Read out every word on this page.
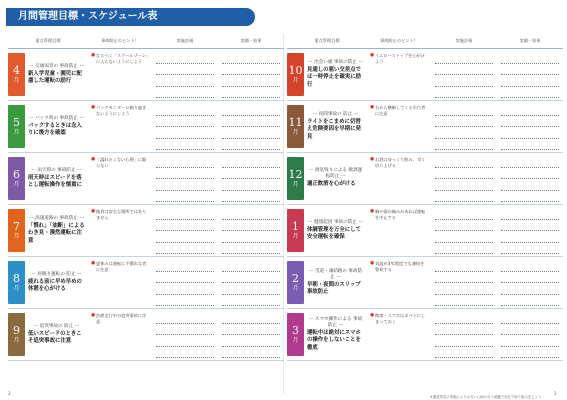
月間管理目標・スケジュール表
重点管理目標	事故防止のヒント！	実施計画	実績・結果
4
月
ー 交通弱者の 事故防止 ー
新入学児童・園児に配慮した運転の励行
● なるべく「スクールゾーン」に入らないようにしよう
5
月
ー バック時の 事故防止 ー
バックするときは念入りに後方を確認
● バックモニターに頼り過ぎないようにしよう
6
月
ー 雨天時の 事故防止 ー
雨天時はスピードを落とし運転操作を慎重に
● 「濡れたくない心理」に陥らない
7
月
ー 高速道路の 事故防止 ー
「慣れ」「油断」によるわき見・漫然運転に注意
● 路肩は安全な場所ではありません
8
月
ー 居眠り運転の 防止 ー
疲れる前に早め早めの休憩を心がける
● 夏休みは運転に不慣れな者に注意
9
月
ー 追突事故の 防止 ー
低いスピードのときこそ追突事故に注意
● 渋滞走行中の追突事故に注意
重点管理目標	事故防止のヒント！	実施計画	実績・結果
10
月
ー 出会い頭 事故の防止 ー
見通しの悪い交差点では一時停止を確実に励行
● イエローストップを心がけよう
11
月
ー 夜間事故の 防止 ー
ライトをこまめに切替え危険要因を早期に発見
● 右から横断してくる歩行者に注意
12
月
ー 酒気残りによる 飲酒運転防止 ー
適正飲酒を心がける
● お酒はゆっくり飲み、早く切り上げる
1
月
ー 健康起因 事故の防止 ー
体調管理を万全にして安全運転を確保
● 胸や頭の痛みがあれば運転を中止する
2
月
ー 雪道・凍結路の 事故防止 ー
早朝・夜間のスリップ事故防止
● 気温が3℃程度でも凍結を警戒する
3
月
ー スマホ操作による 事故防止 ー
運転中は絶対にスマホの操作をしないことを徹底
● 携帯・スマホはカバンにしまっておく
※適宜防災の実施によりお互いに助け合う意識で全社で取り組みましょう
2	3
